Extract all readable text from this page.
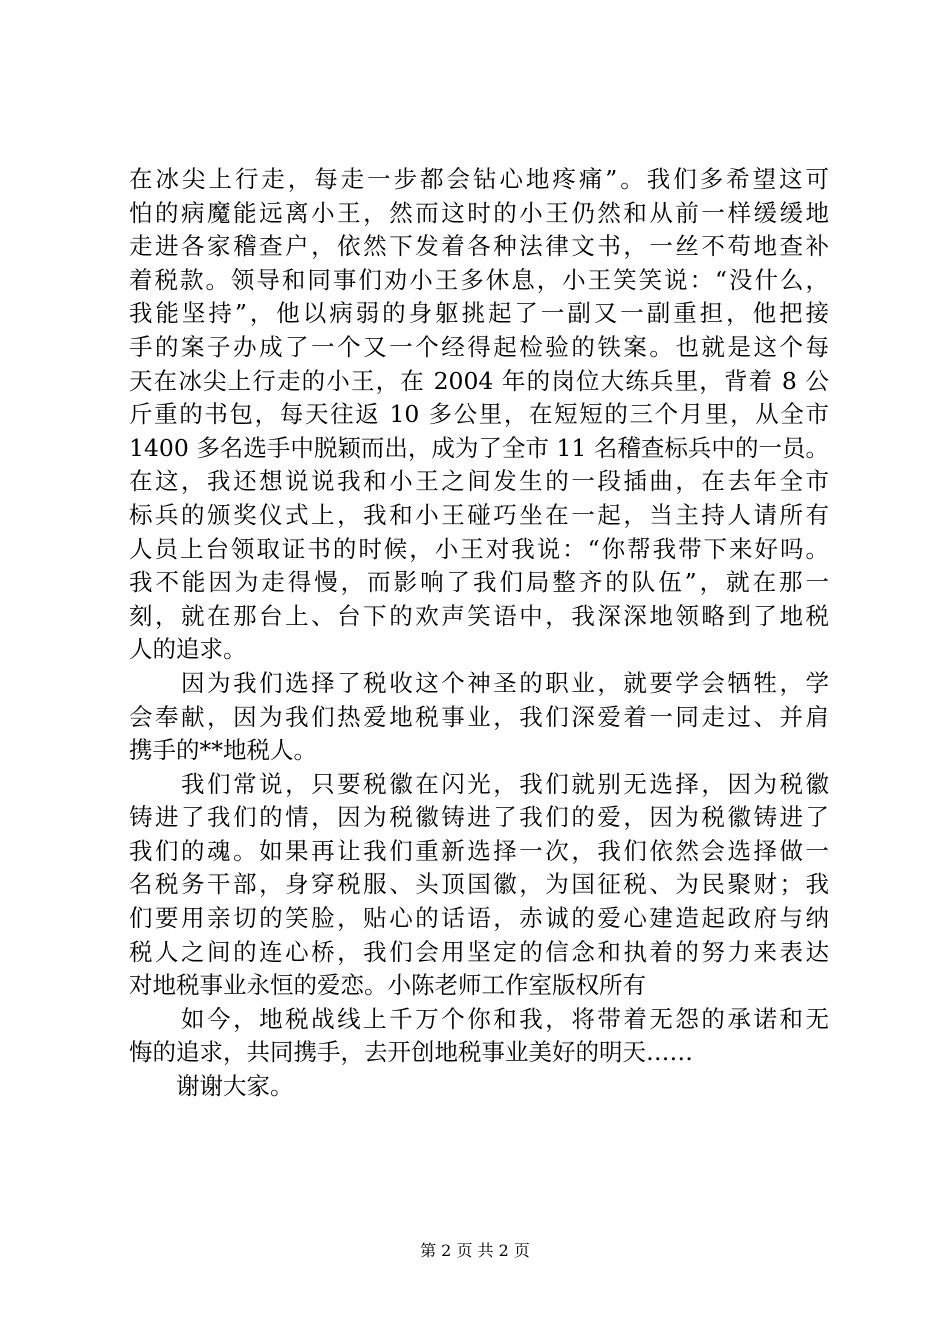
在冰尖上行走，每走一步都会钻心地疼痛”。我们多希望这可
怕的病魔能远离小王，然而这时的小王仍然和从前一样缓缓地
走进各家稽查户，依然下发着各种法律文书，一丝不苟地查补
着税款。领导和同事们劝小王多休息，小王笑笑说：“没什么，
我能坚持”，他以病弱的身躯挑起了一副又一副重担，他把接
手的案子办成了一个又一个经得起检验的铁案。也就是这个每
天在冰尖上行走的小王，在 2004 年的岗位大练兵里，背着 8 公
斤重的书包，每天往返 10 多公里，在短短的三个月里，从全市
1400 多名选手中脱颖而出，成为了全市 11 名稽查标兵中的一员。
在这，我还想说说我和小王之间发生的一段插曲，在去年全市
标兵的颁奖仪式上，我和小王碰巧坐在一起，当主持人请所有
人员上台领取证书的时候，小王对我说：“你帮我带下来好吗。
我不能因为走得慢，而影响了我们局整齐的队伍”，就在那一
刻，就在那台上、台下的欢声笑语中，我深深地领略到了地税
人的追求。
　　因为我们选择了税收这个神圣的职业，就要学会牺牲，学
会奉献，因为我们热爱地税事业，我们深爱着一同走过、并肩
携手的**地税人。
　　我们常说，只要税徽在闪光，我们就别无选择，因为税徽
铸进了我们的情，因为税徽铸进了我们的爱，因为税徽铸进了
我们的魂。如果再让我们重新选择一次，我们依然会选择做一
名税务干部，身穿税服、头顶国徽，为国征税、为民聚财；我
们要用亲切的笑脸，贴心的话语，赤诚的爱心建造起政府与纳
税人之间的连心桥，我们会用坚定的信念和执着的努力来表达
对地税事业永恒的爱恋。小陈老师工作室版权所有
　　如今，地税战线上千万个你和我，将带着无怨的承诺和无
悔的追求，共同携手，去开创地税事业美好的明天……
　　谢谢大家。
第 2 页 共 2 页
